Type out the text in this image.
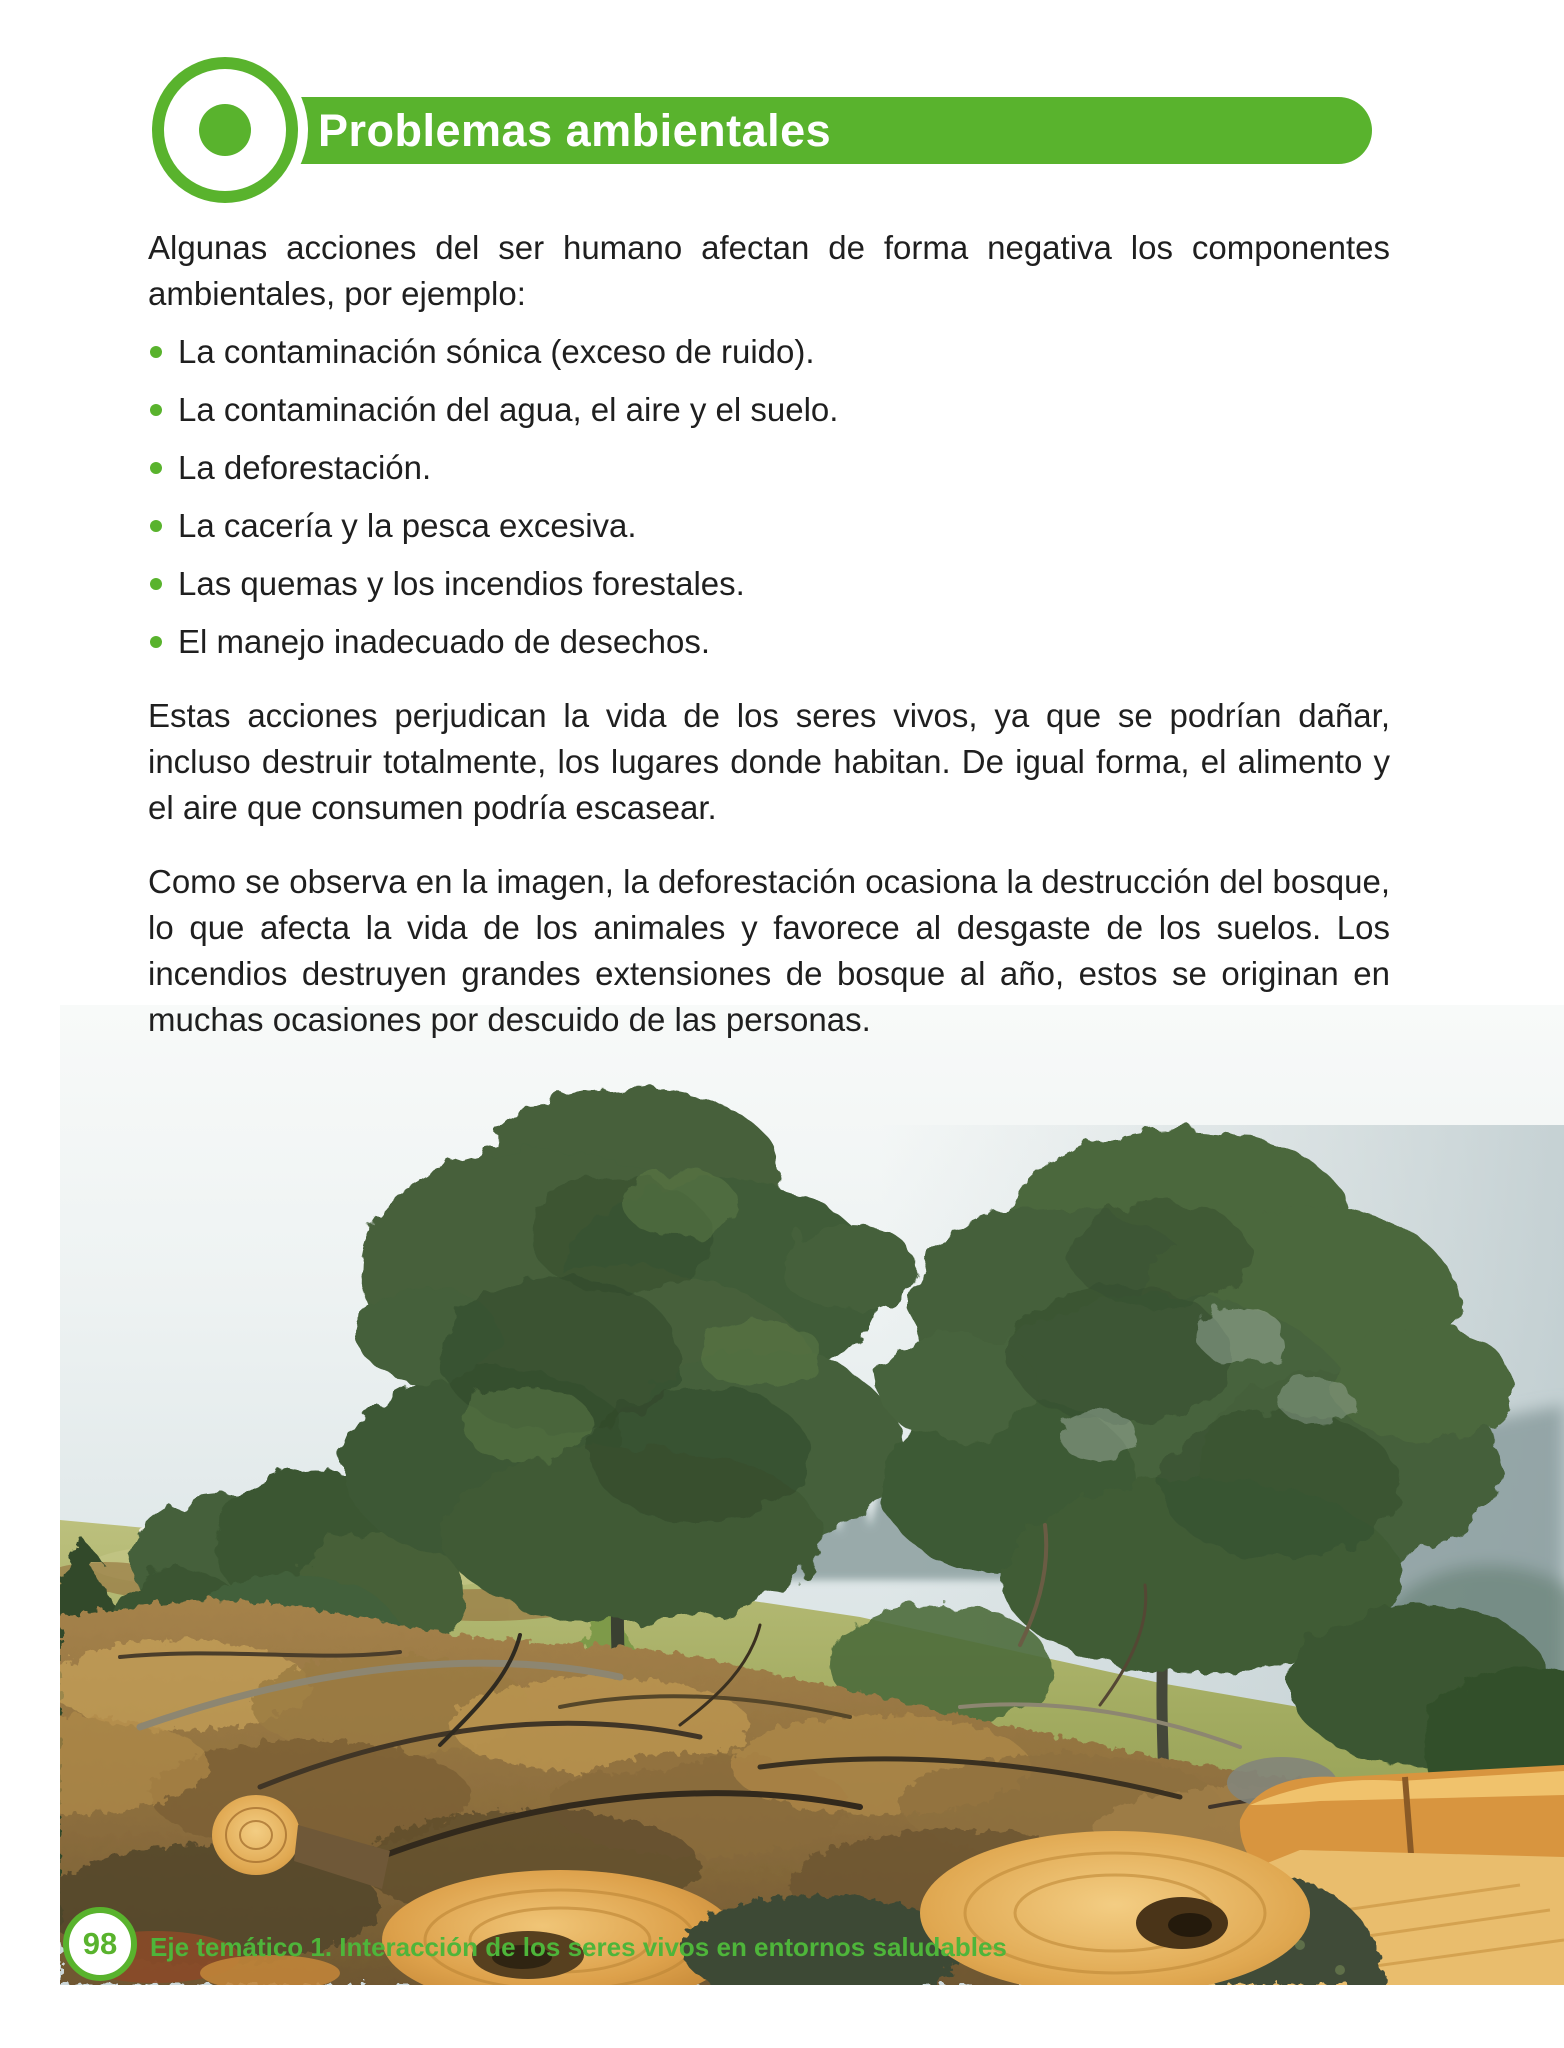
Problemas ambientales

Algunas acciones del ser humano afectan de forma negativa los componentes ambientales, por ejemplo:

La contaminación sónica (exceso de ruido).
La contaminación del agua, el aire y el suelo.
La deforestación.
La cacería y la pesca excesiva.
Las quemas y los incendios forestales.
El manejo inadecuado de desechos.

Estas acciones perjudican la vida de los seres vivos, ya que se podrían dañar, incluso destruir totalmente, los lugares donde habitan. De igual forma, el alimento y el aire que consumen podría escasear.

Como se observa en la imagen, la deforestación ocasiona la destrucción del bosque, lo que afecta la vida de los animales y favorece al desgaste de los suelos. Los incendios destruyen grandes extensiones de bosque al año, estos se originan en muchas ocasiones por descuido de las personas.

98	Eje temático 1. Interacción de los seres vivos en entornos saludables
